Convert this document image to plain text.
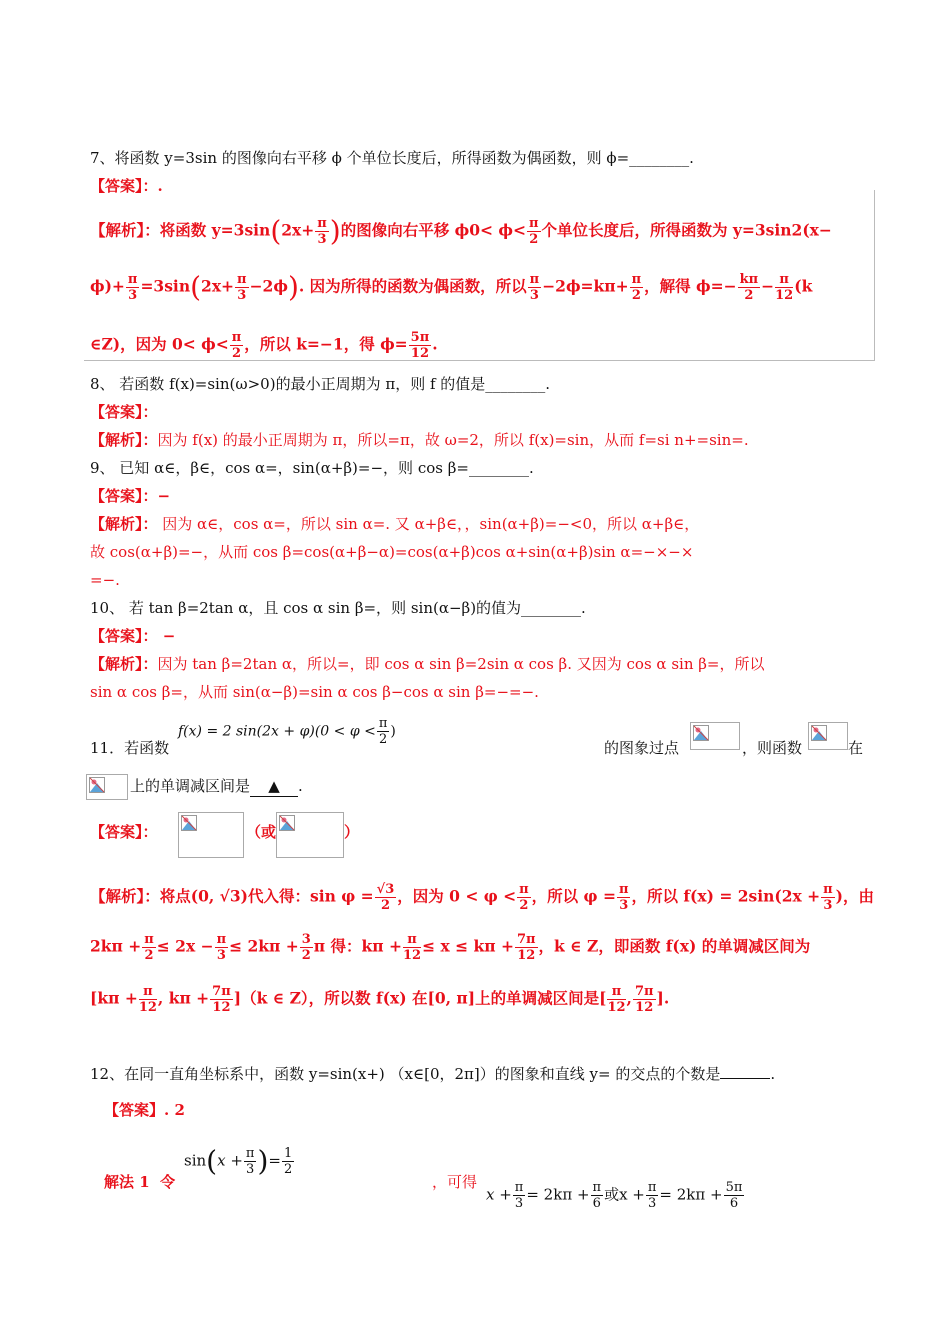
7、将函数 y=3sin 的图像向右平移 ϕ 个单位长度后，所得函数为偶函数，则 ϕ=________.
【答案】：.
【解析】：将函数 $y=3\sin(2x+ \frac{\pi}{3}$ )的图像向右平移 $\phi 0< \phi< \frac{\pi}{2}$ 个单位长度后，所得函数为 y=3sin2(x−
$\phi)+ \frac{\pi}{3} =3\sin(2x+ \frac{\pi}{3} -2\phi)$. 因为所得的函数为偶函数，所以 $\frac{\pi}{3} -2\phi=k\pi+ \frac{\pi}{2}$ ，解得 $\phi=- \frac{k\pi}{2} - \frac{\pi}{12} (k$
∈Z)，因为 $0< \phi< \frac{\pi}{2}$ ，所以 k=−1，得 $\phi= \frac{5\pi}{12}$ .
8、 若函数 f(x)=sin(ω>0)的最小正周期为 π，则 f 的值是________.
【答案】：
【解析】：因为 f(x) 的最小正周期为 π，所以=π，故 ω=2，所以 f(x)=sin，从而 f=si n+=sin=.
9、 已知 α∈，β∈，cos α=，sin(α+β)=−，则 cos β=________.
【答案】：−
【解析】： 因为 α∈，cos α=，所以 sin α=. 又 α+β∈，，sin(α+β)=−<0，所以 α+β∈，
故 cos(α+β)=−，从而 cos β=cos(α+β−α)=cos(α+β)cos α+sin(α+β)sin α=−×−×
=−.
10、 若 tan β=2tan α，且 cos α sin β=，则 sin(α−β)的值为________.
【答案】： −
【解析】：因为 tan β=2tan α，所以=，即 cos α sin β=2sin α cos β. 又因为 cos α sin β=，所以
sin α cos β=，从而 sin(α−β)=sin α cos β−cos α sin β=−=−.
11．若函数
f(x) = 2 $\sin(2x + \varphi)(0 < \varphi < \frac{\pi}{2}$ )
的图象过点	，则函数	在
上的单调减区间是 ▲ .
【答案】：	（或	）
【解析】：将点(0, √3)代入得：$\sin \varphi = \frac{√3}{2}$ ，因为 $0 < \varphi < \frac{\pi}{2}$ ，所以 $\varphi = \frac{\pi}{3}$ ，所以 $f(x) = 2\sin(2x + \frac{\pi}{3}$ )，由
$2k\pi + \frac{\pi}{2} \le 2x - \frac{\pi}{3} \le 2k\pi + \frac{3}{2}$ π 得：$k\pi + \frac{\pi}{12} \le x \le k\pi + \frac{7\pi}{12}$ ，k ∈ Z，即函数 f(x) 的单调减区间为
[$k\pi + \frac{\pi}{12}$ , $k\pi + \frac{7\pi}{12} ](k$ ∈ Z），所以数 f(x) 在[0, π]上的单调减区间是[ $\frac{\pi}{12}$ , $\frac{7\pi}{12}$ ].
12、在同一直角坐标系中，函数 y=sin(x+) （x∈[0，2π]）的图象和直线 y= 的交点的个数是	.
【答案】. 2
解法 1 令
$\sin(x + \frac{\pi}{3}$ )= $\frac{1}{2}$
，可得
$x + \frac{\pi}{3} = 2k\pi + \frac{\pi}{6}$ 或$x + \frac{\pi}{3} = 2k\pi + \frac{5\pi}{6}$
